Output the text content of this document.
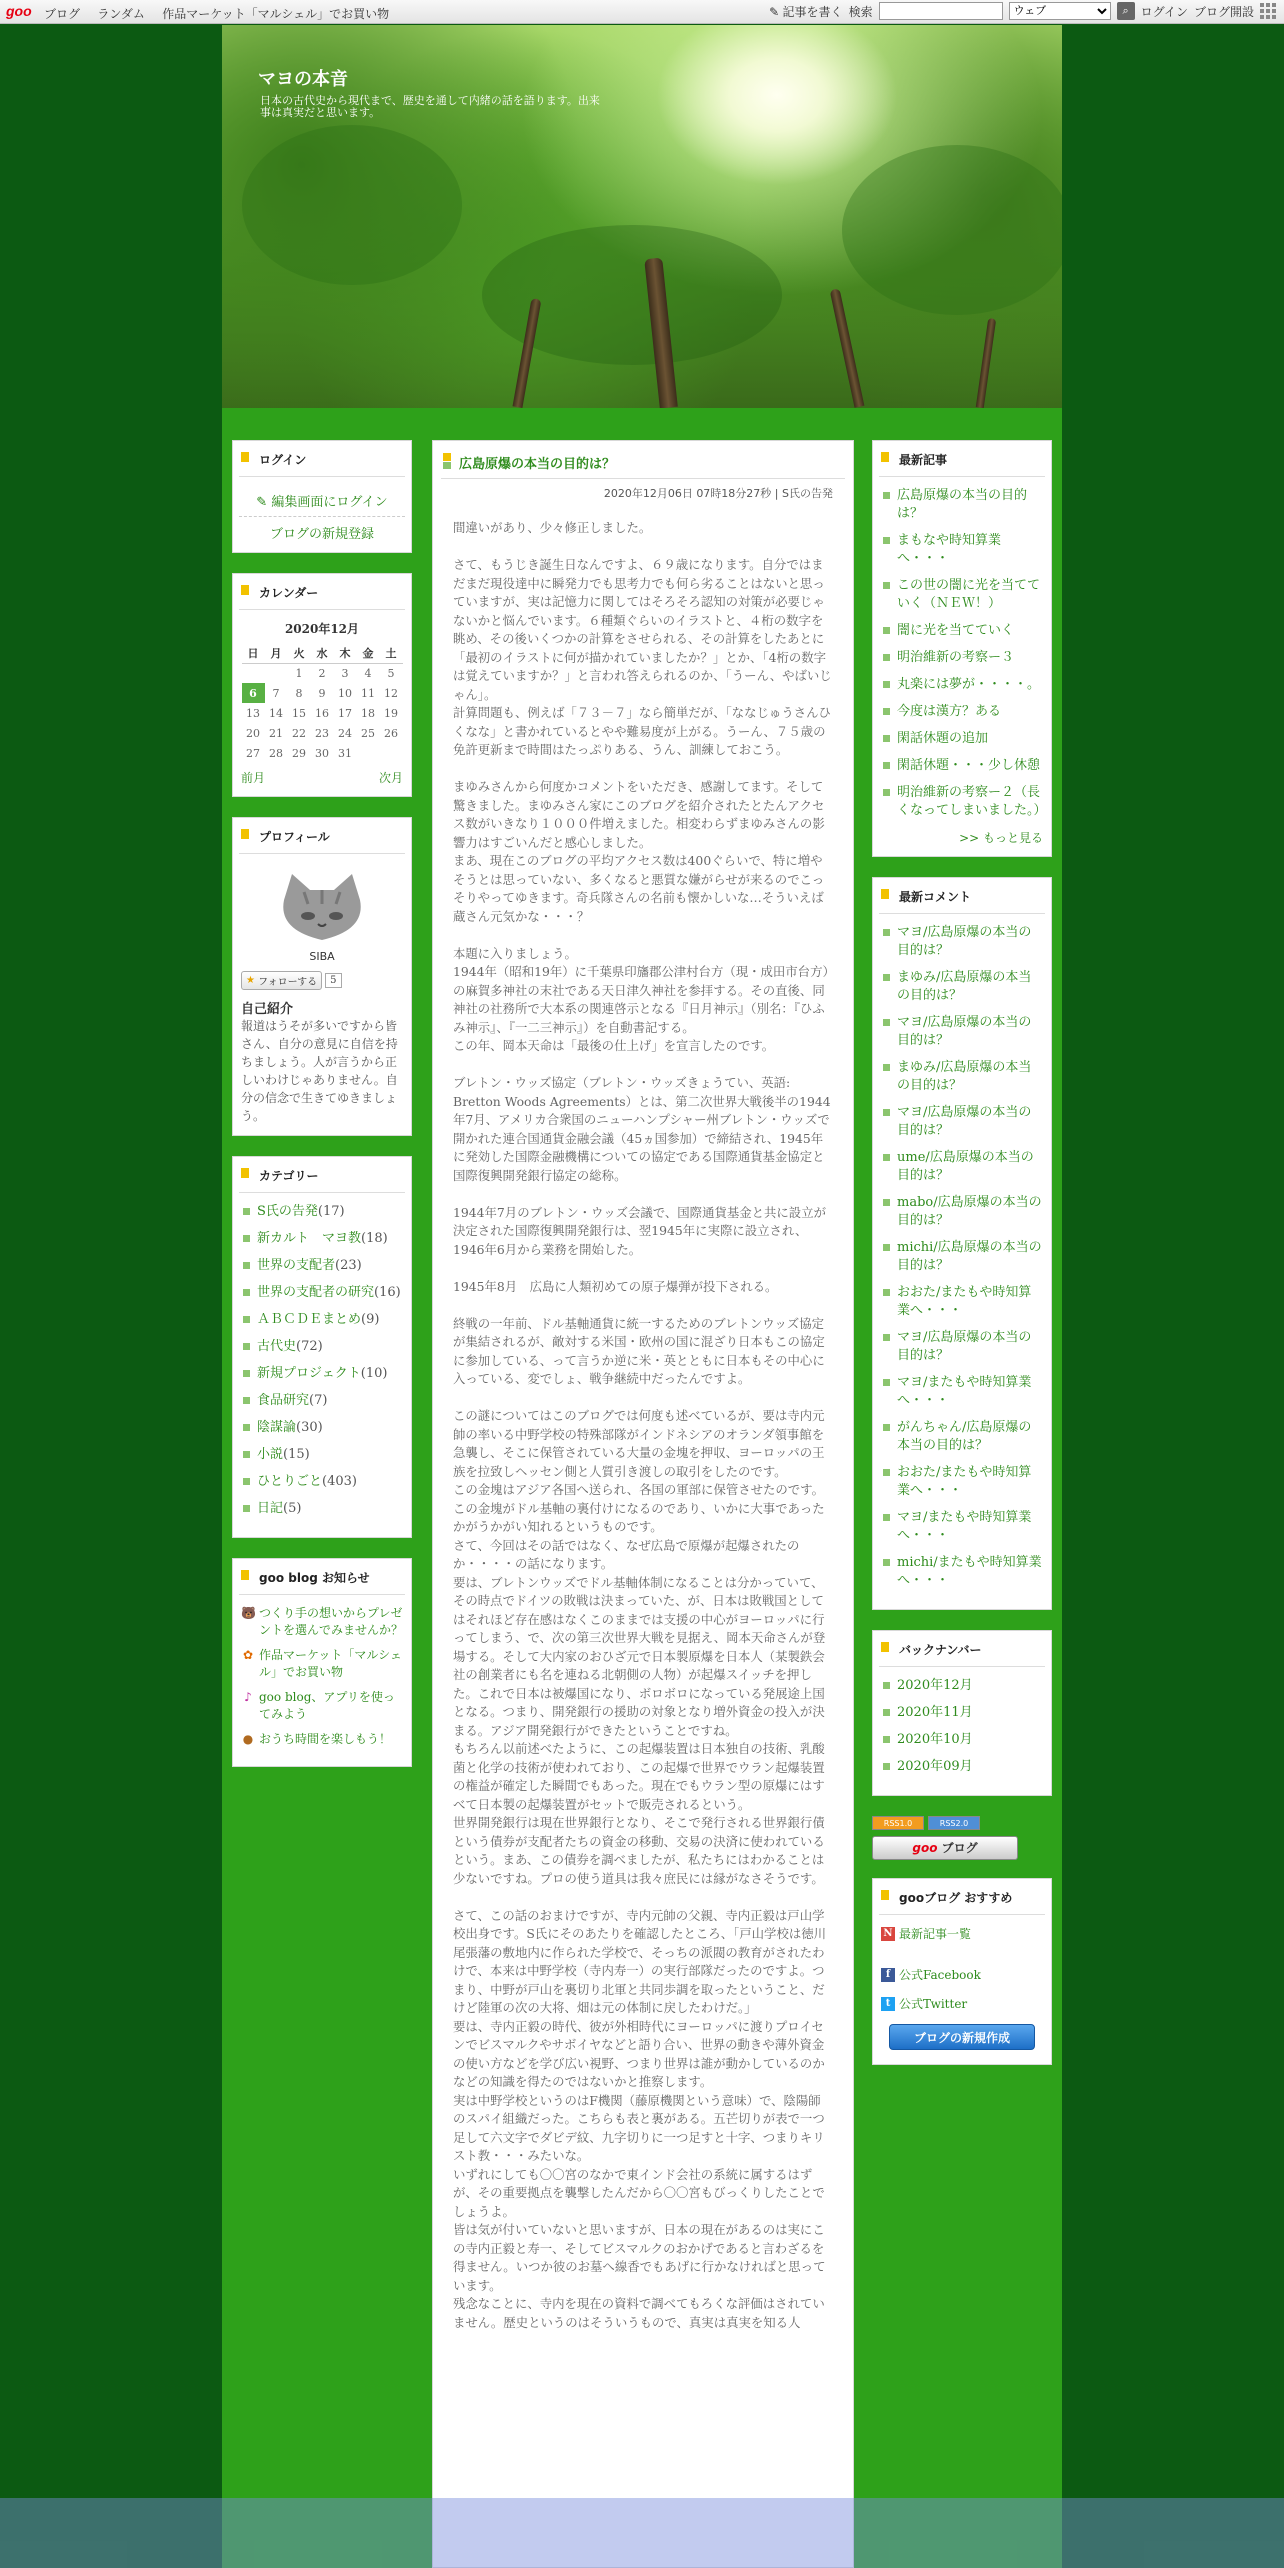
goo ブログ ランダム 作品マーケット「マルシェル」でお買い物	✎ 記事を書く 検索
ウェブ	⌕ ログイン ブログ開設
マヨの本音
日本の古代史から現代まで、歴史を通して内緒の話を語ります。出来事は真実だと思います。
ログイン
✎ 編集画面にログイン
ブログの新規登録
カレンダー
2020年12月
日	月	火	水	木	金	土
		1	2	3	4	5
6	7	8	9	10	11	12
13	14	15	16	17	18	19
20	21	22	23	24	25	26
27	28	29	30	31		
前月	次月
プロフィール
SIBA
★
フォローする 5
自己紹介
報道はうそが多いですから皆さん、自分の意見に自信を持ちましょう。人が言うから正しいわけじゃありません。自分の信念で生きてゆきましょう。
カテゴリー
S氏の告発(17)
新カルト　マヨ教(18)
世界の支配者(23)
世界の支配者の研究(16)
ＡＢＣＤＥまとめ(9)
古代史(72)
新規プロジェクト(10)
食品研究(7)
陰謀論(30)
小説(15)
ひとりごと(403)
日記(5)
goo blog お知らせ
🐻 つくり手の想いからプレゼントを選んでみませんか？
✿ 作品マーケット「マルシェル」でお買い物
♪ goo blog、アプリを使ってみよう
● おうち時間を楽しもう！
広島原爆の本当の目的は？
2020年12月06日 07時18分27秒 | S氏の告発

間違いがあり、少々修正しました。

さて、もうじき誕生日なんですよ、６９歳になります。自分ではまだまだ現役達中に瞬発力でも思考力でも何ら劣ることはないと思っていますが、実は記憶力に関してはそろそろ認知の対策が必要じゃないかと悩んでいます。６種類ぐらいのイラストと、４桁の数字を眺め、その後いくつかの計算をさせられる、その計算をしたあとに「最初のイラストに何が描かれていましたか？」とか、「4桁の数字は覚えていますか？」と言われ答えられるのか、「うーん、やばいじゃん」。
計算問題も、例えば「７３－７」なら簡単だが、「ななじゅうさんひくなな」と書かれているとやや難易度が上がる。うーん、７５歳の免許更新まで時間はたっぷりある、うん、訓練しておこう。

まゆみさんから何度かコメントをいただき、感謝してます。そして驚きました。まゆみさん家にこのブログを紹介されたとたんアクセス数がいきなり１０００件増えました。相変わらずまゆみさんの影響力はすごいんだと感心しました。
まあ、現在このブログの平均アクセス数は400ぐらいで、特に増やそうとは思っていない、多くなると悪質な嫌がらせが来るのでこっそりやってゆきます。奇兵隊さんの名前も懐かしいな…そういえば蔵さん元気かな・・・？

本題に入りましょう。
1944年（昭和19年）に千葉県印旛郡公津村台方（現・成田市台方）の麻賀多神社の末社である天日津久神社を参拝する。その直後、同神社の社務所で大本系の関連啓示となる『日月神示』（別名：『ひふみ神示』、『一二三神示』）を自動書記する。
この年、岡本天命は「最後の仕上げ」を宣言したのです。

ブレトン・ウッズ協定（ブレトン・ウッズきょうてい、英語: Bretton Woods Agreements）とは、第二次世界大戦後半の1944年7月、アメリカ合衆国のニューハンプシャー州ブレトン・ウッズで開かれた連合国通貨金融会議（45ヵ国参加）で締結され、1945年に発効した国際金融機構についての協定である国際通貨基金協定と国際復興開発銀行協定の総称。

1944年7月のブレトン・ウッズ会議で、国際通貨基金と共に設立が決定された国際復興開発銀行は、翌1945年に実際に設立され、1946年6月から業務を開始した。

1945年8月　広島に人類初めての原子爆弾が投下される。

終戦の一年前、ドル基軸通貨に統一するためのブレトンウッズ協定が集結されるが、敵対する米国・欧州の国に混ざり日本もこの協定に参加している、って言うか逆に米・英とともに日本もその中心に入っている、変でしょ、戦争継続中だったんですよ。

この謎についてはこのブログでは何度も述べているが、要は寺内元帥の率いる中野学校の特殊部隊がインドネシアのオランダ領事館を急襲し、そこに保管されている大量の金塊を押収、ヨーロッパの王族を拉致しヘッセン側と人質引き渡しの取引をしたのです。
この金塊はアジア各国へ送られ、各国の軍部に保管させたのです。この金塊がドル基軸の裏付けになるのであり、いかに大事であったかがうかがい知れるというものです。
さて、今回はその話ではなく、なぜ広島で原爆が起爆されたのか・・・・の話になります。
要は、ブレトンウッズでドル基軸体制になることは分かっていて、その時点でドイツの敗戦は決まっていた、が、日本は敗戦国としてはそれほど存在感はなくこのままでは支援の中心がヨーロッパに行ってしまう、で、次の第三次世界大戦を見据え、岡本天命さんが登場する。そして大内家のおひざ元で日本製原爆を日本人（某製鉄会社の創業者にも名を連ねる北朝側の人物）が起爆スイッチを押した。これで日本は被爆国になり、ボロボロになっている発展途上国となる。つまり、開発銀行の援助の対象となり増外資金の投入が決まる。アジア開発銀行ができたということですね。
もちろん以前述べたように、この起爆装置は日本独自の技術、乳酸菌と化学の技術が使われており、この起爆で世界でウラン起爆装置の権益が確定した瞬間でもあった。現在でもウラン型の原爆にはすべて日本製の起爆装置がセットで販売されるという。
世界開発銀行は現在世界銀行となり、そこで発行される世界銀行債という債券が支配者たちの資金の移動、交易の決済に使われているという。まあ、この債券を調べましたが、私たちにはわかることは少ないですね。プロの使う道具は我々庶民には縁がなさそうです。

さて、この話のおまけですが、寺内元帥の父親、寺内正毅は戸山学校出身です。S氏にそのあたりを確認したところ、「戸山学校は徳川尾張藩の敷地内に作られた学校で、そっちの派閥の教育がされたわけで、本来は中野学校（寺内寿一）の実行部隊だったのですよ。つまり、中野が戸山を裏切り北軍と共同歩調を取ったということ、だけど陸軍の次の大将、畑は元の体制に戻したわけだ。」
要は、寺内正毅の時代、彼が外相時代にヨーロッパに渡りプロイセンでビスマルクやサボイヤなどと語り合い、世界の動きや薄外資金の使い方などを学び広い視野、つまり世界は誰が動かしているのかなどの知識を得たのではないかと推察します。
実は中野学校というのはF機関（藤原機関という意味）で、陰陽師のスパイ組織だった。こちらも表と裏がある。五芒切りが表で一つ足して六文字でダビデ紋、九字切りに一つ足すと十字、つまりキリスト教・・・みたいな。
いずれにしても〇〇宮のなかで東インド会社の系統に属するはずが、その重要拠点を襲撃したんだから〇〇宮もびっくりしたことでしょうよ。
皆は気が付いていないと思いますが、日本の現在があるのは実にこの寺内正毅と寿一、そしてビスマルクのおかげであると言わざるを得ません。いつか彼のお墓へ線香でもあげに行かなければと思っています。
残念なことに、寺内を現在の資料で調べてもろくな評価はされていません。歴史というのはそういうもので、真実は真実を知る人

最新記事
広島原爆の本当の目的は？
まもなや時知算業へ・・・
この世の闇に光を当てていく（ＮＥＷ！）
闇に光を当てていく
明治維新の考察ー３
丸楽には夢が・・・・。
今度は漢方？ある
閑話休題の追加
閑話休題・・・少し休憩
明治維新の考察ー２（長くなってしまいました。）
>> もっと見る
最新コメント
マヨ/広島原爆の本当の目的は？
まゆみ/広島原爆の本当の目的は？
マヨ/広島原爆の本当の目的は？
まゆみ/広島原爆の本当の目的は？
マヨ/広島原爆の本当の目的は？
ume/広島原爆の本当の目的は？
mabo/広島原爆の本当の目的は？
michi/広島原爆の本当の目的は？
おおた/またもや時知算業へ・・・
マヨ/広島原爆の本当の目的は？
マヨ/またもや時知算業へ・・・
がんちゃん/広島原爆の本当の目的は？
おおた/またもや時知算業へ・・・
マヨ/またもや時知算業へ・・・
michi/またもや時知算業へ・・・
バックナンバー
2020年12月
2020年11月
2020年10月
2020年09月
RSS1.0	RSS2.0
goo ブログ
gooブログ おすすめ
N 最新記事一覧
f 公式Facebook
t 公式Twitter
ブログの新規作成
